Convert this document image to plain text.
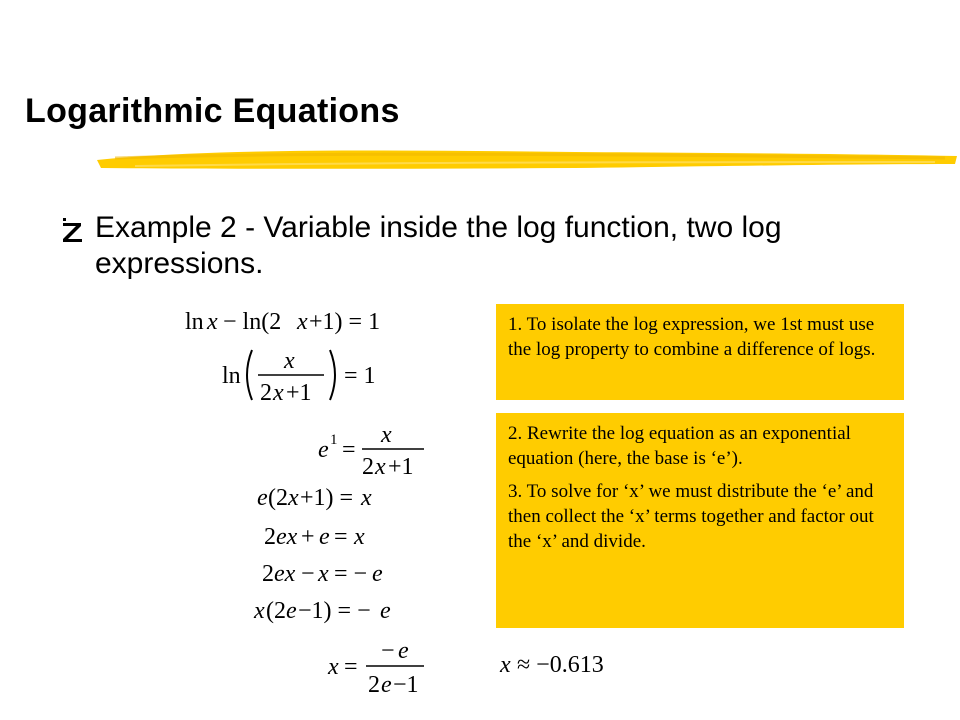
Logarithmic Equations
Example 2 - Variable inside the log function, two log expressions.
1. To isolate the log expression, we 1st must use the log property to combine a difference of logs.
2. Rewrite the log equation as an exponential equation (here, the base is ‘e’).
3. To solve for ‘x’ we must distribute the ‘e’ and then collect the ‘x’ terms together and factor out the ‘x’ and divide.
ln x − ln(2 x +1) = 1
ln
x
2 x +1
= 1
e 1 =
x
2 x +1
e (2 x +1) = x
2 ex + e = x
2 ex − x = − e
x (2 e −1) = − e
x =
− e
2 e −1
x ≈ −0.613
